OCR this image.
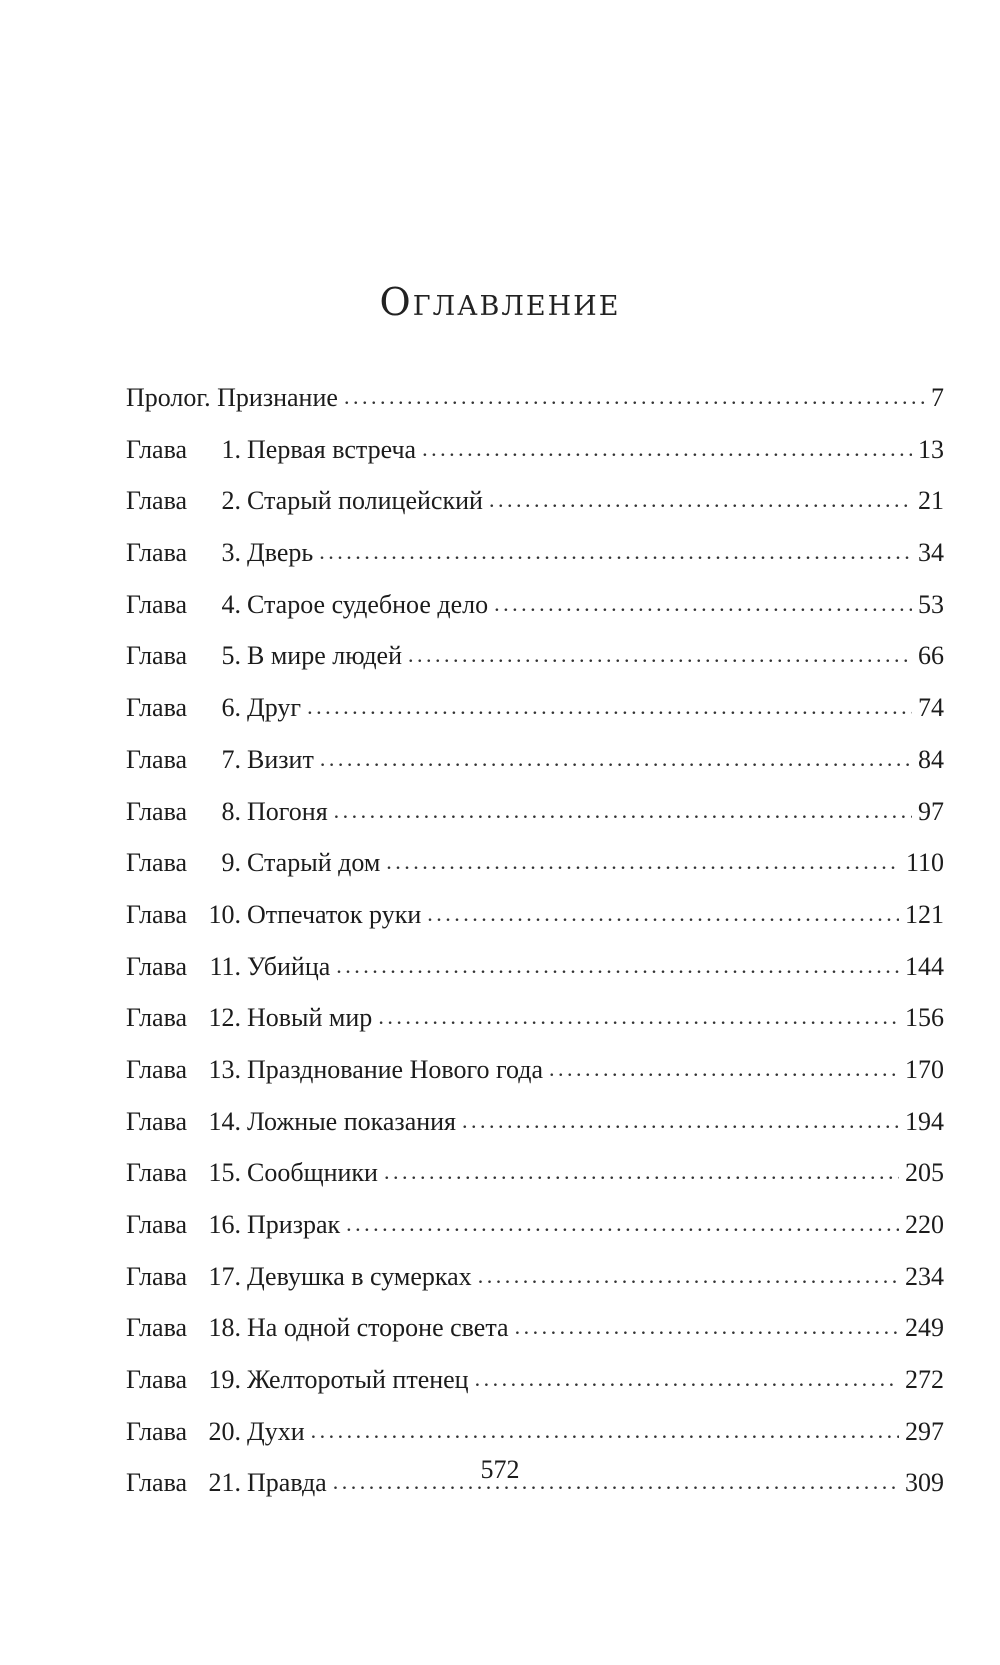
Оглавление
Пролог. Признание . . .	7
Глава	1. Первая встреча . . .	13
Глава	2. Старый полицейский . . .	21
Глава	3. Дверь . . .	34
Глава	4. Старое судебное дело . . .	53
Глава	5. В мире людей . . .	66
Глава	6. Друг . . .	74
Глава	7. Визит . . .	84
Глава	8. Погоня . . .	97
Глава	9. Старый дом . . .	110
Глава 10. Отпечаток руки . . .	121
Глава 11. Убийца . . .	144
Глава 12. Новый мир . . .	156
Глава 13. Празднование Нового года . . .	170
Глава 14. Ложные показания . . .	194
Глава 15. Сообщники . . .	205
Глава 16. Призрак . . .	220
Глава 17. Девушка в сумерках . . .	234
Глава 18. На одной стороне света . . .	249
Глава 19. Желторотый птенец . . .	272
Глава 20. Духи . . .	297
Глава 21. Правда . . .	309
572
